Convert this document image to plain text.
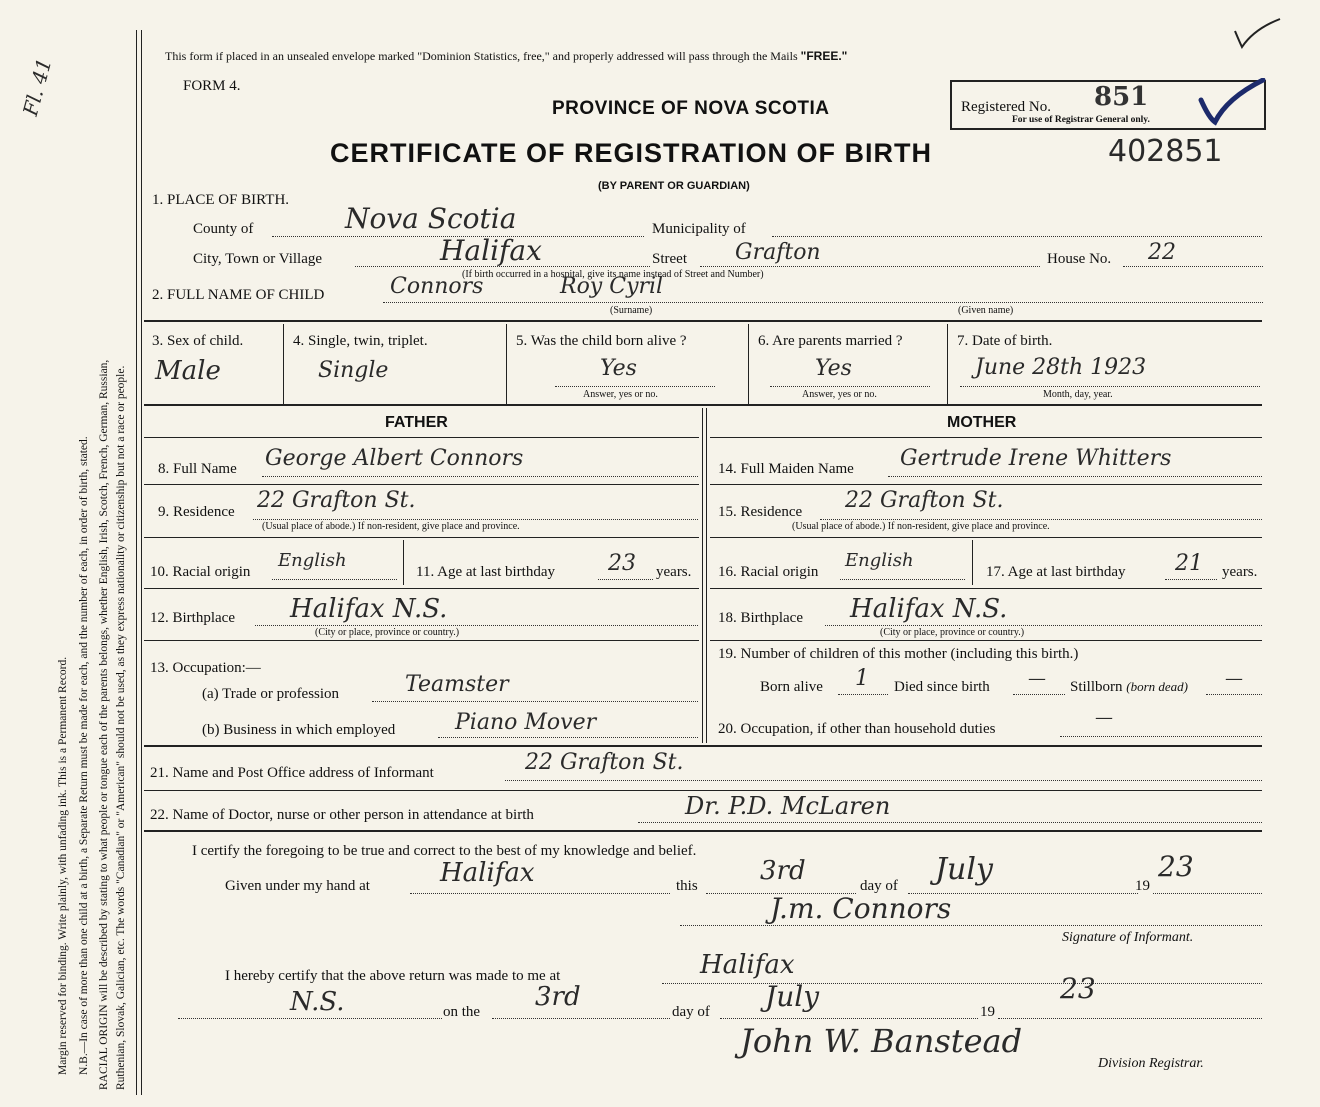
Margin reserved for binding. Write plainly, with unfading ink. This is a Permanent Record. N.B.—In case of more than one child at a birth, a Separate Return must be made for each, and the number of each, in order of birth, stated. RACIAL ORIGIN will be described by stating to what people or tongue each of the parents belongs, whether English, Irish, Scotch, French, German, Russian, Ruthenian, Slovak, Galician, etc. The words "Canadian" or "American" should not be used, as they express nationality or citizenship but not a race or people.
Fl. 41	This form if placed in an unsealed envelope marked "Dominion Statistics, free," and properly addressed will pass through the Mails "FREE."
FORM 4.
PROVINCE OF NOVA SCOTIA	Registered No. 851
For use of Registrar General only.
CERTIFICATE OF REGISTRATION OF BIRTH	402851
(BY PARENT OR GUARDIAN)
1. PLACE OF BIRTH.
County of	Nova Scotia	Municipality of
City, Town or Village	Halifax	Street Grafton	House No. 22
(If birth occurred in a hospital, give its name instead of Street and Number)
2. FULL NAME OF CHILD	Connors	Roy Cyril
(Surname)	(Given name)
3. Sex of child.
Male
4. Single, twin, triplet.
Single
5. Was the child born alive ?
Yes
Answer, yes or no.
6. Are parents married ?
Yes
Answer, yes or no.
7. Date of birth.
June 28th 1923
Month, day, year.
FATHER	MOTHER
8. Full Name George Albert Connors
9. Residence 22 Grafton St.
(Usual place of abode.) If non-resident, give place and province.
10. Racial origin
English
11. Age at last birthday 23 years.
12. Birthplace Halifax N.S.
(City or place, province or country.)
13. Occupation:—
(a) Trade or profession	Teamster
(b) Business in which employed	Piano Mover
14. Full Maiden Name Gertrude Irene Whitters
15. Residence 22 Grafton St.
(Usual place of abode.) If non-resident, give place and province.
16. Racial origin
English
17. Age at last birthday 21 years.
18. Birthplace Halifax N.S.
(City or place, province or country.)
19. Number of children of this mother (including this birth.)
Born alive 1 Died since birth — Stillborn (born dead) —
20. Occupation, if other than household duties
—
21. Name and Post Office address of Informant	22 Grafton St.
22. Name of Doctor, nurse or other person in attendance at birth	Dr. P.D. McLaren
I certify the foregoing to be true and correct to the best of my knowledge and belief.
Given under my hand at	Halifax	this 3rd	day of July	19
23
J.m. Connors
Signature of Informant.
I hereby certify that the above return was made to me at	Halifax
N.S.	on the 3rd	day of July	19
23
John W. Banstead
Division Registrar.
